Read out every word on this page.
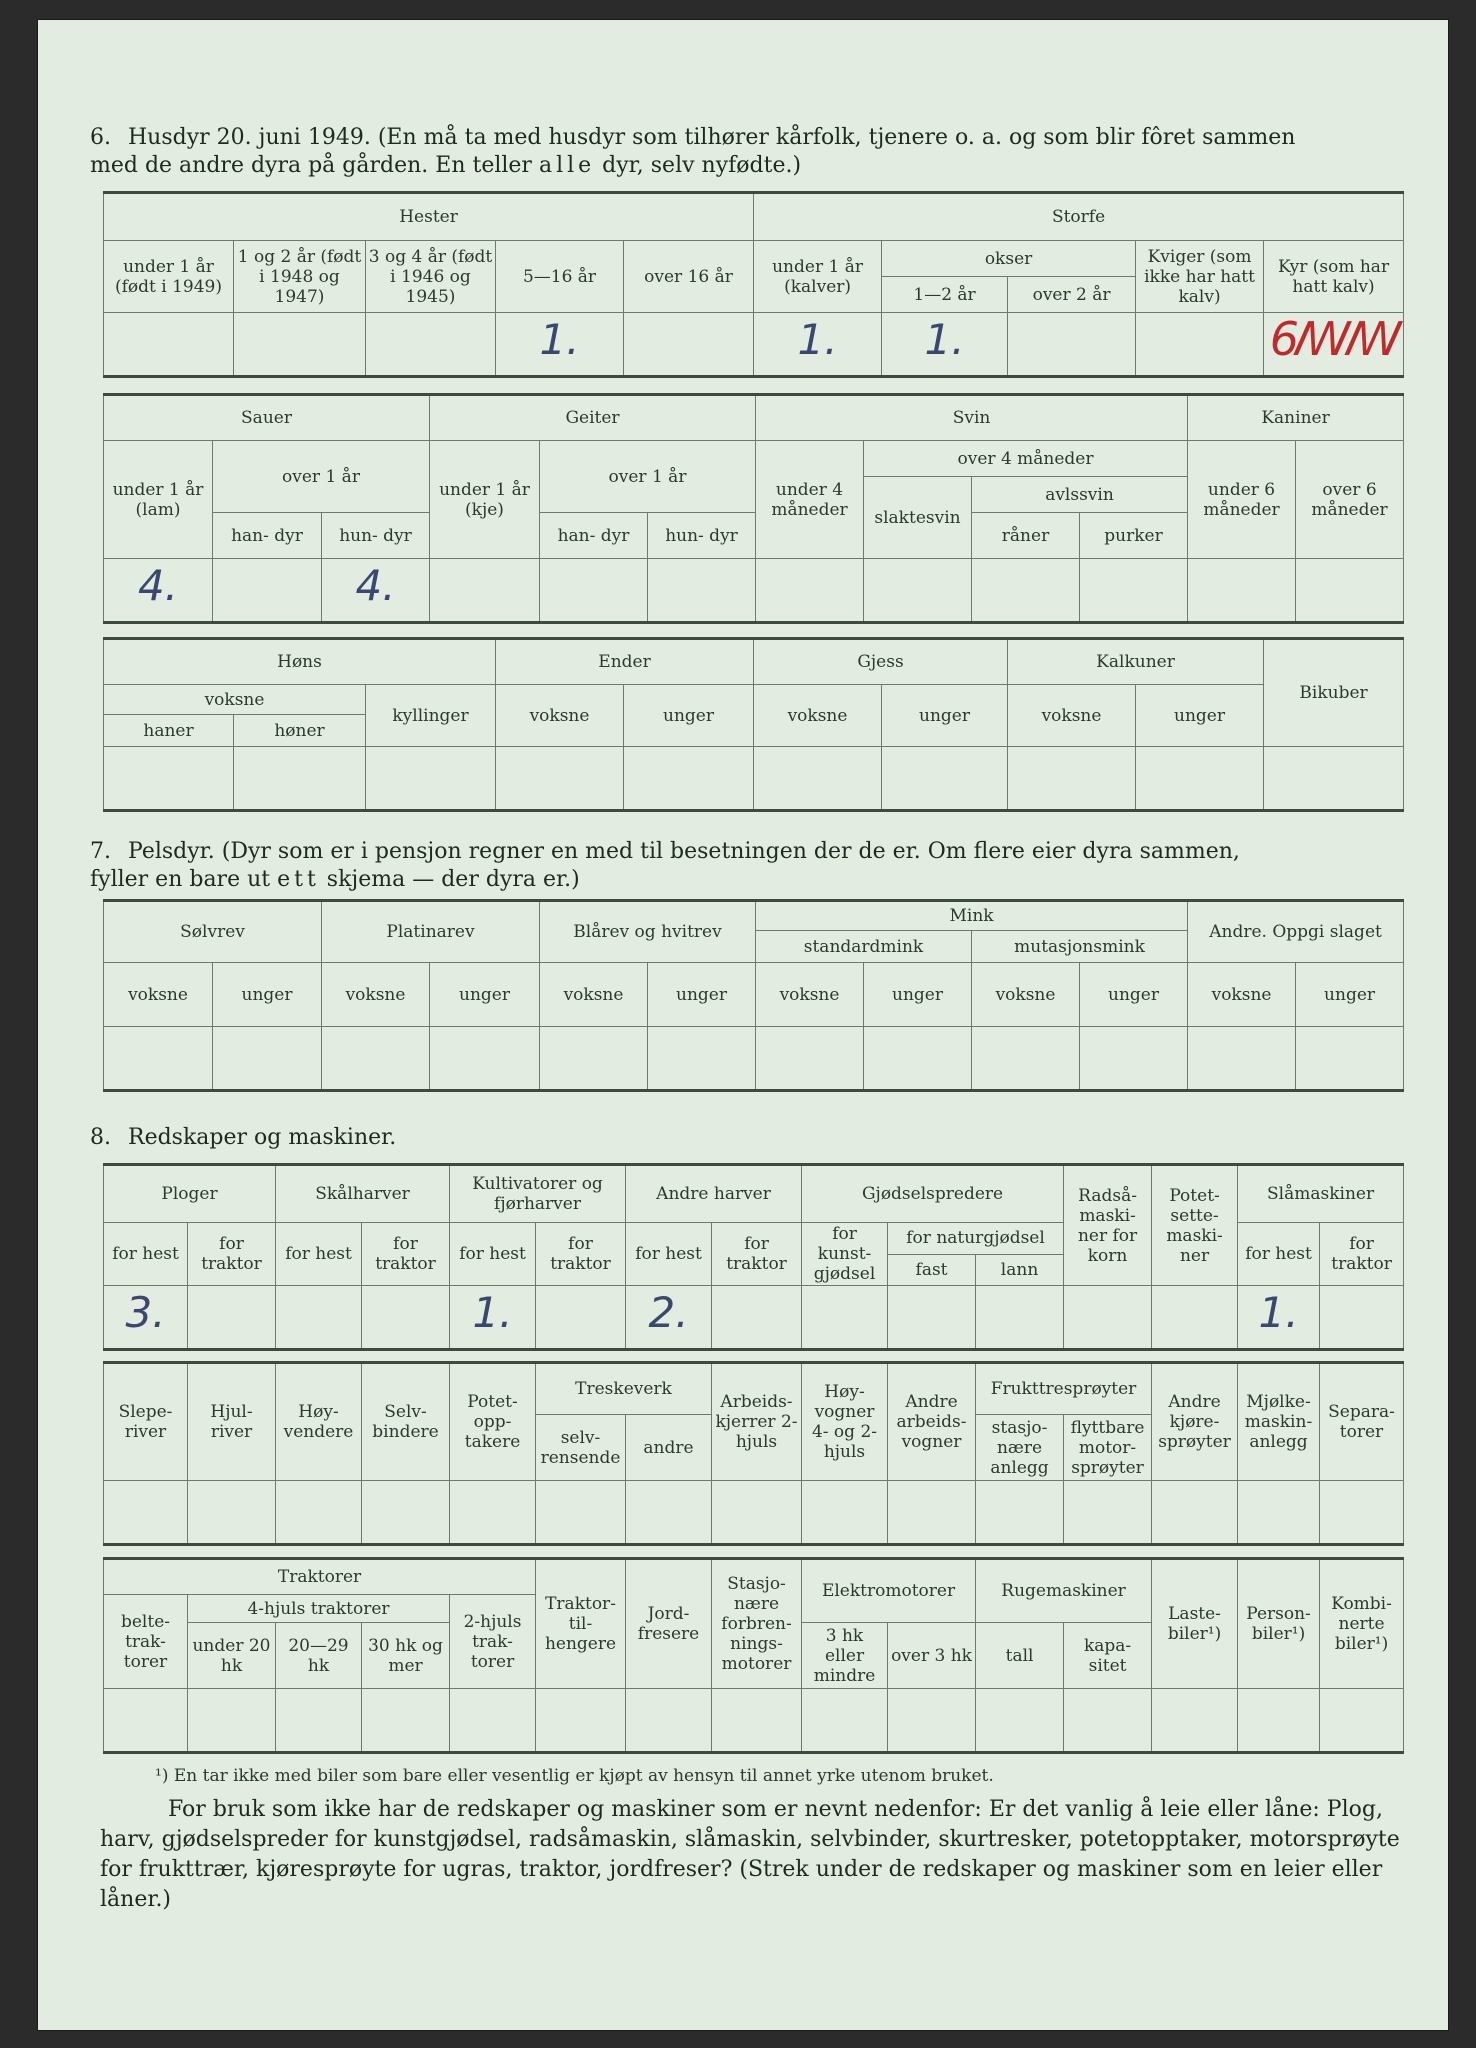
6. Husdyr 20. juni 1949. (En må ta med husdyr som tilhører kårfolk, tjenere o. a. og som blir fôret sammen
med de andre dyra på gården. En teller alle dyr, selv nyfødte.)
Hester					Storfe				
under 1 år (født i 1949)	1 og 2 år (født i 1948 og 1947)	3 og 4 år (født i 1946 og 1945)	5—16 år	over 16 år	under 1 år (kalver)	okser		Kviger (som ikke har hatt kalv)	Kyr (som har hatt kalv)
						1—2 år	over 2 år		
			1.		1.	1.			6ꟿꟿ
Sauer			Geiter			Svin				Kaniner	
under 1 år (lam)	over 1 år		under 1 år (kje)	over 1 år		under 4 måneder	over 4 måneder			under 6 måneder	over 6 måneder
							slaktesvin	avlssvin			
	han- dyr	hun- dyr		han- dyr	hun- dyr			råner	purker		
4.		4.									
Høns			Ender		Gjess		Kalkuner		Bikuber
voksne		kyllinger	voksne	unger	voksne	unger	voksne	unger	
haner	høner								

7. Pelsdyr. (Dyr som er i pensjon regner en med til besetningen der de er. Om flere eier dyra sammen,
fyller en bare ut ett skjema — der dyra er.)
Sølvrev		Platinarev		Blårev og hvitrev		Mink				Andre. Oppgi slaget	
						standardmink		mutasjonsmink			
voksne	unger	voksne	unger	voksne	unger	voksne	unger	voksne	unger	voksne	unger

8. Redskaper og maskiner.
Ploger		Skålharver		Kultivatorer og fjørharver		Andre harver		Gjødselspredere			Radså- maski- ner for korn	Potet- sette- maski- ner	Slåmaskiner	
for hest	for traktor	for hest	for traktor	for hest	for traktor	for hest	for traktor	for kunst- gjødsel	for naturgjødsel				for hest	for traktor
									fast	lann				
3.				1.		2.							1.	
Slepe- river	Hjul- river	Høy- vendere	Selv- bindere	Potet- opp- takere	Treskeverk		Arbeids- kjerrer 2-hjuls	Høy- vogner 4- og 2- hjuls	Andre arbeids- vogner	Frukttresprøyter		Andre kjøre- sprøyter	Mjølke- maskin- anlegg	Separa- torer
					selv- rensende	andre				stasjo- nære anlegg	flyttbare motor- sprøyter			

Traktorer					Traktor- til- hengere	Jord- fresere	Stasjo- nære forbren- nings- motorer	Elektromotorer		Rugemaskiner		Laste- biler¹)	Person- biler¹)	Kombi- nerte biler¹)
belte- trak- torer	4-hjuls traktorer			2-hjuls trak- torer										
	under 20 hk	20—29 hk	30 hk og mer					3 hk eller mindre	over 3 hk	tall	kapa- sitet			

¹) En tar ikke med biler som bare eller vesentlig er kjøpt av hensyn til annet yrke utenom bruket.
For bruk som ikke har de redskaper og maskiner som er nevnt nedenfor: Er det vanlig å leie eller låne: Plog, harv, gjødselspreder for kunstgjødsel, radsåmaskin, slåmaskin, selvbinder, skurtresker, potetopptaker, motorsprøyte for frukttrær, kjøresprøyte for ugras, traktor, jordfreser? (Strek under de redskaper og maskiner som en leier eller låner.)
